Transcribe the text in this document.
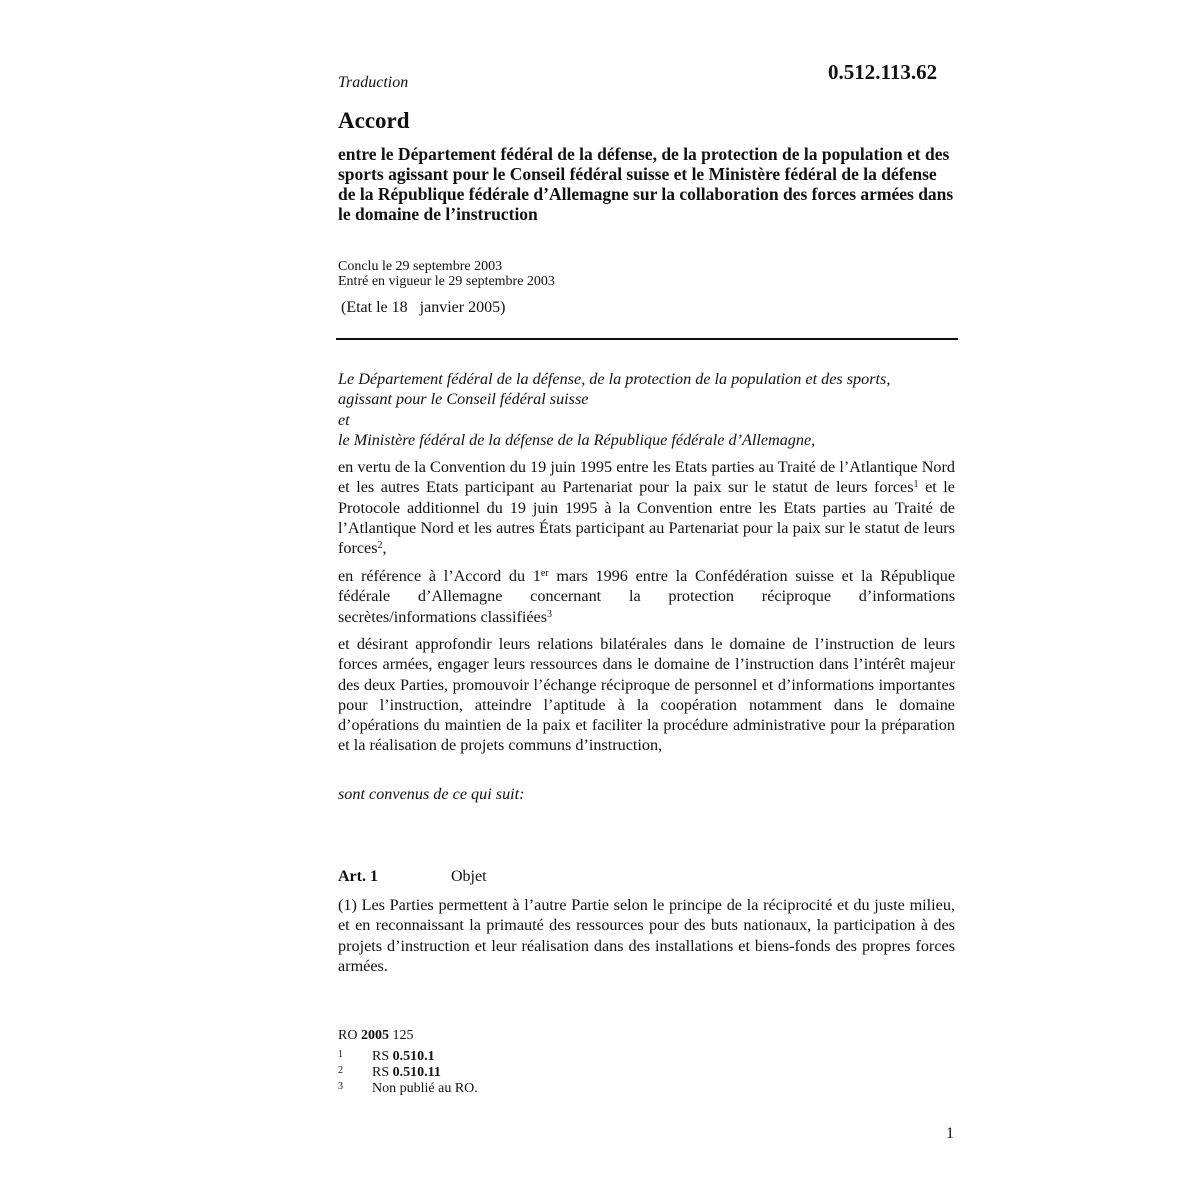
Traduction	0.512.113.62
Accord
entre le Département fédéral de la défense, de la protection de la population et des sports agissant pour le Conseil fédéral suisse et le Ministère fédéral de la défense de la République fédérale d’Allemagne sur la collaboration des forces armées dans le domaine de l’instruction
Conclu le 29 septembre 2003
Entré en vigueur le 29 septembre 2003
(Etat le 18   janvier 2005)
Le Département fédéral de la défense, de la protection de la population et des sports, agissant pour le Conseil fédéral suisse
et
le Ministère fédéral de la défense de la République fédérale d’Allemagne,
en vertu de la Convention du 19 juin 1995 entre les Etats parties au Traité de l’Atlantique Nord et les autres Etats participant au Partenariat pour la paix sur le statut de leurs forces$^1$ et le Protocole additionnel du 19 juin 1995 à la Convention entre les Etats parties au Traité de l’Atlantique Nord et les autres États participant au Partenariat pour la paix sur le statut de leurs forces$^2$,
en référence à l’Accord du 1er mars 1996 entre la Confédération suisse et la République fédérale d’Allemagne concernant la protection réciproque d’informations secrètes/informations classifiées$^3$
et désirant approfondir leurs relations bilatérales dans le domaine de l’instruction de leurs forces armées, engager leurs ressources dans le domaine de l’instruction dans l’intérêt majeur des deux Parties, promouvoir l’échange réciproque de personnel et d’informations importantes pour l’instruction, atteindre l’aptitude à la coopération notamment dans le domaine d’opérations du maintien de la paix et faciliter la procédure administrative pour la préparation et la réalisation de projets communs d’instruction,
sont convenus de ce qui suit:
Art. 1	Objet
(1) Les Parties permettent à l’autre Partie selon le principe de la réciprocité et du juste milieu, et en reconnaissant la primauté des ressources pour des buts nationaux, la participation à des projets d’instruction et leur réalisation dans des installations et biens-fonds des propres forces armées.
RO 2005 125
1 RS 0.510.1
2 RS 0.510.11
3 Non publié au RO.
1
